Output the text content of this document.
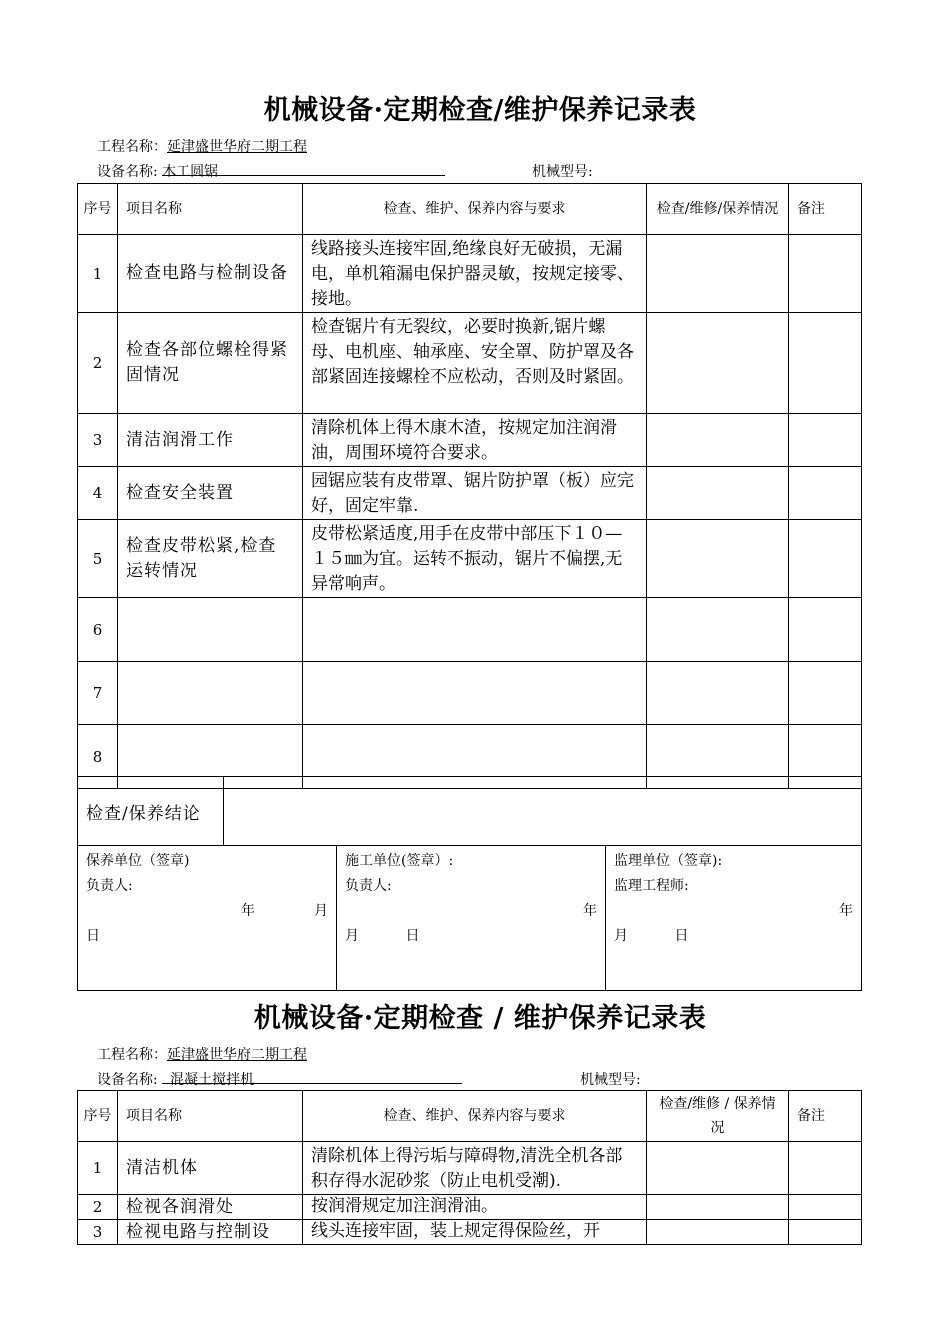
机械设备·定期检查/维护保养记录表
工程名称：延津盛世华府二期工程
设备名称: 木工圆锯	机械型号:
序号	项目名称	检查、维护、保养内容与要求	检查/维修/保养情况	备注
1	检查电路与检制设备	线路接头连接牢固,绝缘良好无破损，无漏电，单机箱漏电保护器灵敏，按规定接零、接地。		
2	检查各部位螺栓得紧固情况	检查锯片有无裂纹，必要时换新,锯片螺母、电机座、轴承座、安全罩、防护罩及各部紧固连接螺栓不应松动，否则及时紧固。		
3	清洁润滑工作	清除机体上得木康木渣，按规定加注润滑油，周围环境符合要求。		
4	检查安全装置	园锯应装有皮带罩、锯片防护罩（板）应完好，固定牢靠.		
5	检查皮带松紧,检查运转情况	皮带松紧适度,用手在皮带中部压下１０—１５㎜为宜。运转不振动，锯片不偏摆,无异常响声。		
6				
7				
8				
检查/保养结论	
保养单位（签章)
负责人:
年	月
日

施工单位(签章）:
负责人:
年
月	日

监理单位（签章):
监理工程师:
年
月	日
机械设备·定期检查 / 维护保养记录表
工程名称：延津盛世华府二期工程
设备名称: 混凝土搅拌机	机械型号:
序号	项目名称	检查、维护、保养内容与要求	检查/维修 / 保养情况	备注
1	清洁机体	清除机体上得污垢与障碍物,清洗全机各部积存得水泥砂浆（防止电机受潮).		
2	检视各润滑处	按润滑规定加注润滑油。		
3	检视电路与控制设	线头连接牢固，装上规定得保险丝，开		
